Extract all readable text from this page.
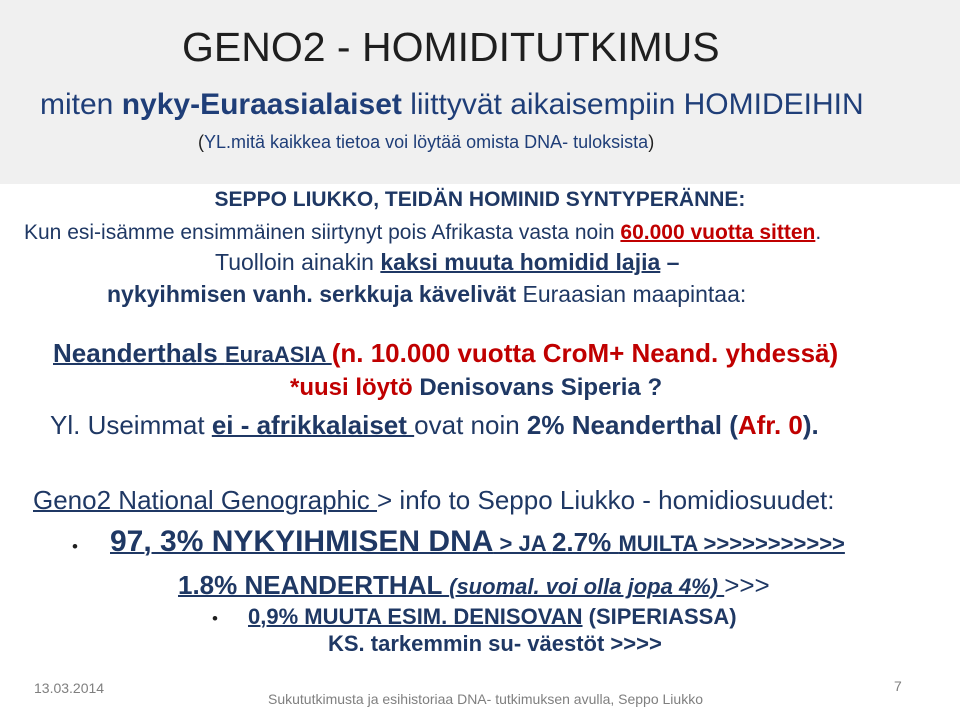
GENO2 - HOMIDITUTKIMUS
miten nyky-Euraasialaiset liittyvät aikaisempiin HOMIDEIHIN
(YL.mitä kaikkea tietoa voi löytää omista DNA- tuloksista)
SEPPO LIUKKO, TEIDÄN HOMINID SYNTYPERÄNNE:
Kun esi-isämme ensimmäinen siirtynyt pois Afrikasta vasta noin 60.000 vuotta sitten.
Tuolloin ainakin kaksi muuta homidid lajia –
nykyihmisen vanh. serkkuja kävelivät Euraasian maapintaa:
Neanderthals EuraASIA (n. 10.000 vuotta CroM+ Neand. yhdessä)
*uusi löytö Denisovans Siperia ?
Yl. Useimmat ei - afrikkalaiset ovat noin 2% Neanderthal (Afr. 0).
Geno2 National Genographic > info to Seppo Liukko - homidiosuudet:
• 97, 3% NYKYIHMISEN DNA > JA 2.7% MUILTA >>>>>>>>>>>
1.8% NEANDERTHAL (suomal. voi olla jopa 4%) >>>
• 0,9% MUUTA ESIM. DENISOVAN (SIPERIASSA)
KS. tarkemmin su- väestöt >>>>
13.03.2014
Sukututkimusta ja esihistoriaa DNA- tutkimuksen avulla, Seppo Liukko
7
